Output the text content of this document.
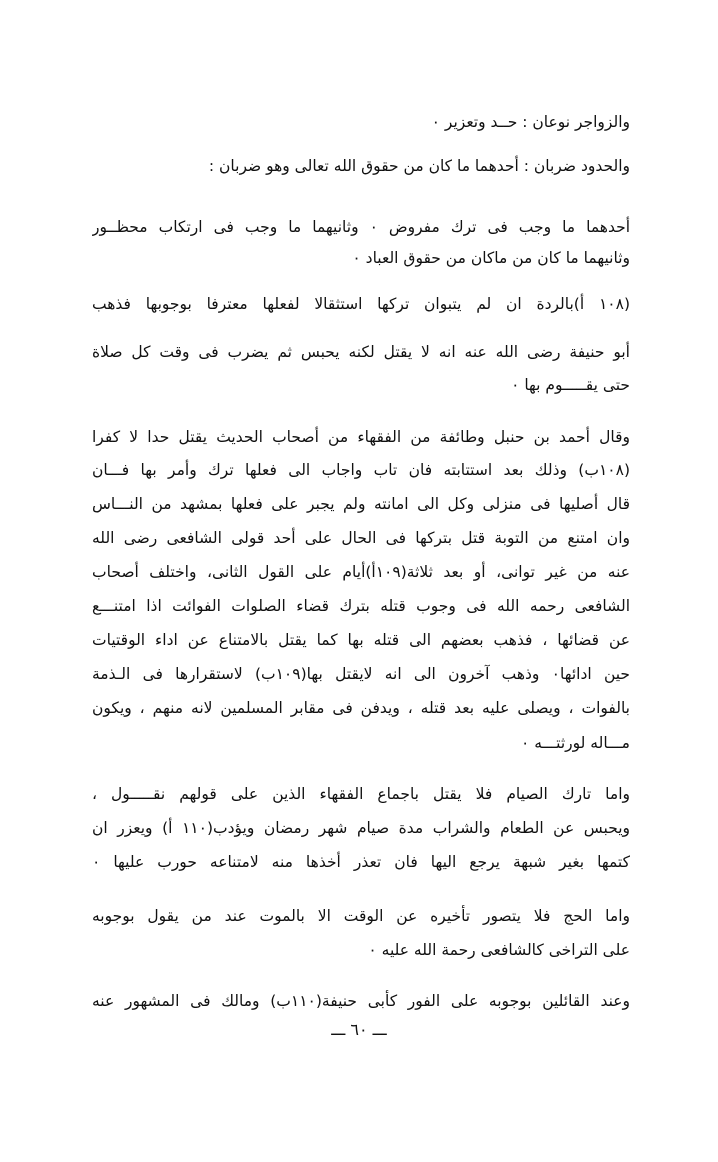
والزواجر نوعان : حــد وتعزير ٠
والحدود ضربان : أحدهما ما كان من حقوق الله تعالى وهو ضربان :
أحدهما ما وجب فى ترك مفروض ٠ وثانيهما ما وجب فى ارتكاب محظــور
وثانيهما ما كان من ماكان من حقوق العباد ٠
(١٠٨ أ)بالردة ان لم يتبوان تركها استثقالا لفعلها معترفا بوجوبها فذهب
أبو حنيفة رضى الله عنه انه لا يقتل لكنه يحبس ثم يضرب فى وقت كل صلاة
حتى يقـــــوم بها ٠
وقال أحمد بن حنبل وطائفة من الفقهاء من أصحاب الحديث يقتل حدا لا كفرا
(١٠٨ب) وذلك بعد استتابته فان تاب واجاب الى فعلها ترك وأمر بها فـــان
قال أصليها فى منزلى وكل الى امانته ولم يجبر على فعلها بمشهد من النـــاس
وان امتنع من التوبة قتل بتركها فى الحال على أحد قولى الشافعى رضى الله
عنه من غير توانى، أو بعد ثلاثة(١٠٩أ)أيام على القول الثانى، واختلف أصحاب
الشافعى رحمه الله فى وجوب قتله بترك قضاء الصلوات الفوائت اذا امتنـــع
عن قضائها ، فذهب بعضهم الى قتله بها كما يقتل بالامتناع عن اداء الوقتيات
حين ادائها٠ وذهب آخرون الى انه لايقتل بها(١٠٩ب) لاستقرارها فى الـذمة
بالفوات ، ويصلى عليه بعد قتله ، ويدفن فى مقابر المسلمين لانه منهم ، ويكون
مـــاله لورثتـــه ٠
واما تارك الصيام فلا يقتل باجماع الفقهاء الذين على قولهم نقـــــول ،
ويحبس عن الطعام والشراب مدة صيام شهر رمضان ويؤدب(١١٠ أ) ويعزر ان
كتمها بغير شبهة يرجع اليها فان تعذر أخذها منه لامتناعه حورب عليها ٠
واما الحج فلا يتصور تأخيره عن الوقت الا بالموت عند من يقول بوجوبه
على التراخى كالشافعى رحمة الله عليه ٠
وعند القائلين بوجوبه على الفور كأبى حنيفة(١١٠ب) ومالك فى المشهور عنه
ـــ ٦٠ ـــ
